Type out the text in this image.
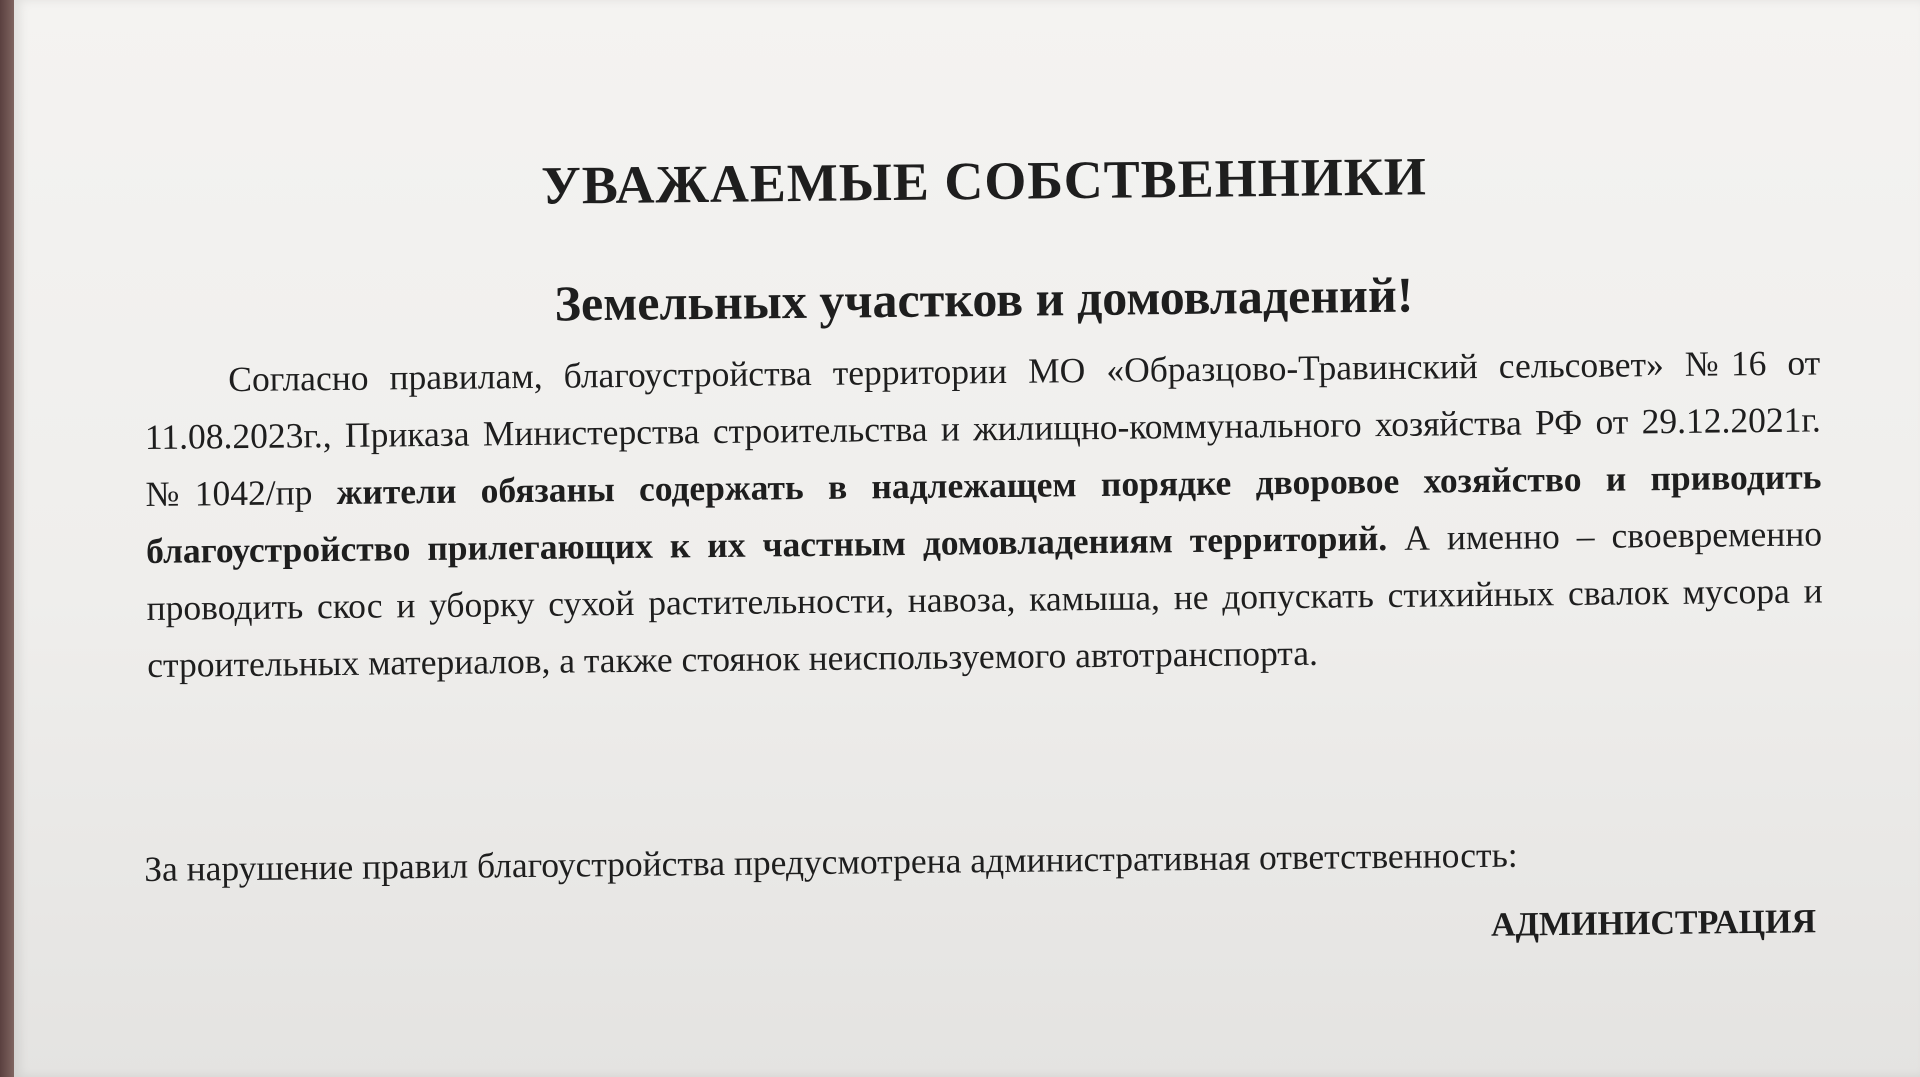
УВАЖАЕМЫЕ СОБСТВЕННИКИ
Земельных участков и домовладений!

Согласно правилам, благоустройства территории МО «Образцово-Травинский сельсовет» №16 от 11.08.2023г., Приказа Министерства строительства и жилищно-коммунального хозяйства РФ от 29.12.2021г. №1042/пр жители обязаны содержать в надлежащем порядке дворовое хозяйство и приводить благоустройство прилегающих к их частным домовладениям территорий. А именно – своевременно проводить скос и уборку сухой растительности, навоза, камыша, не допускать стихийных свалок мусора и строительных материалов, а также стоянок неиспользуемого автотранспорта.

За нарушение правил благоустройства предусмотрена административная ответственность:

АДМИНИСТРАЦИЯ
